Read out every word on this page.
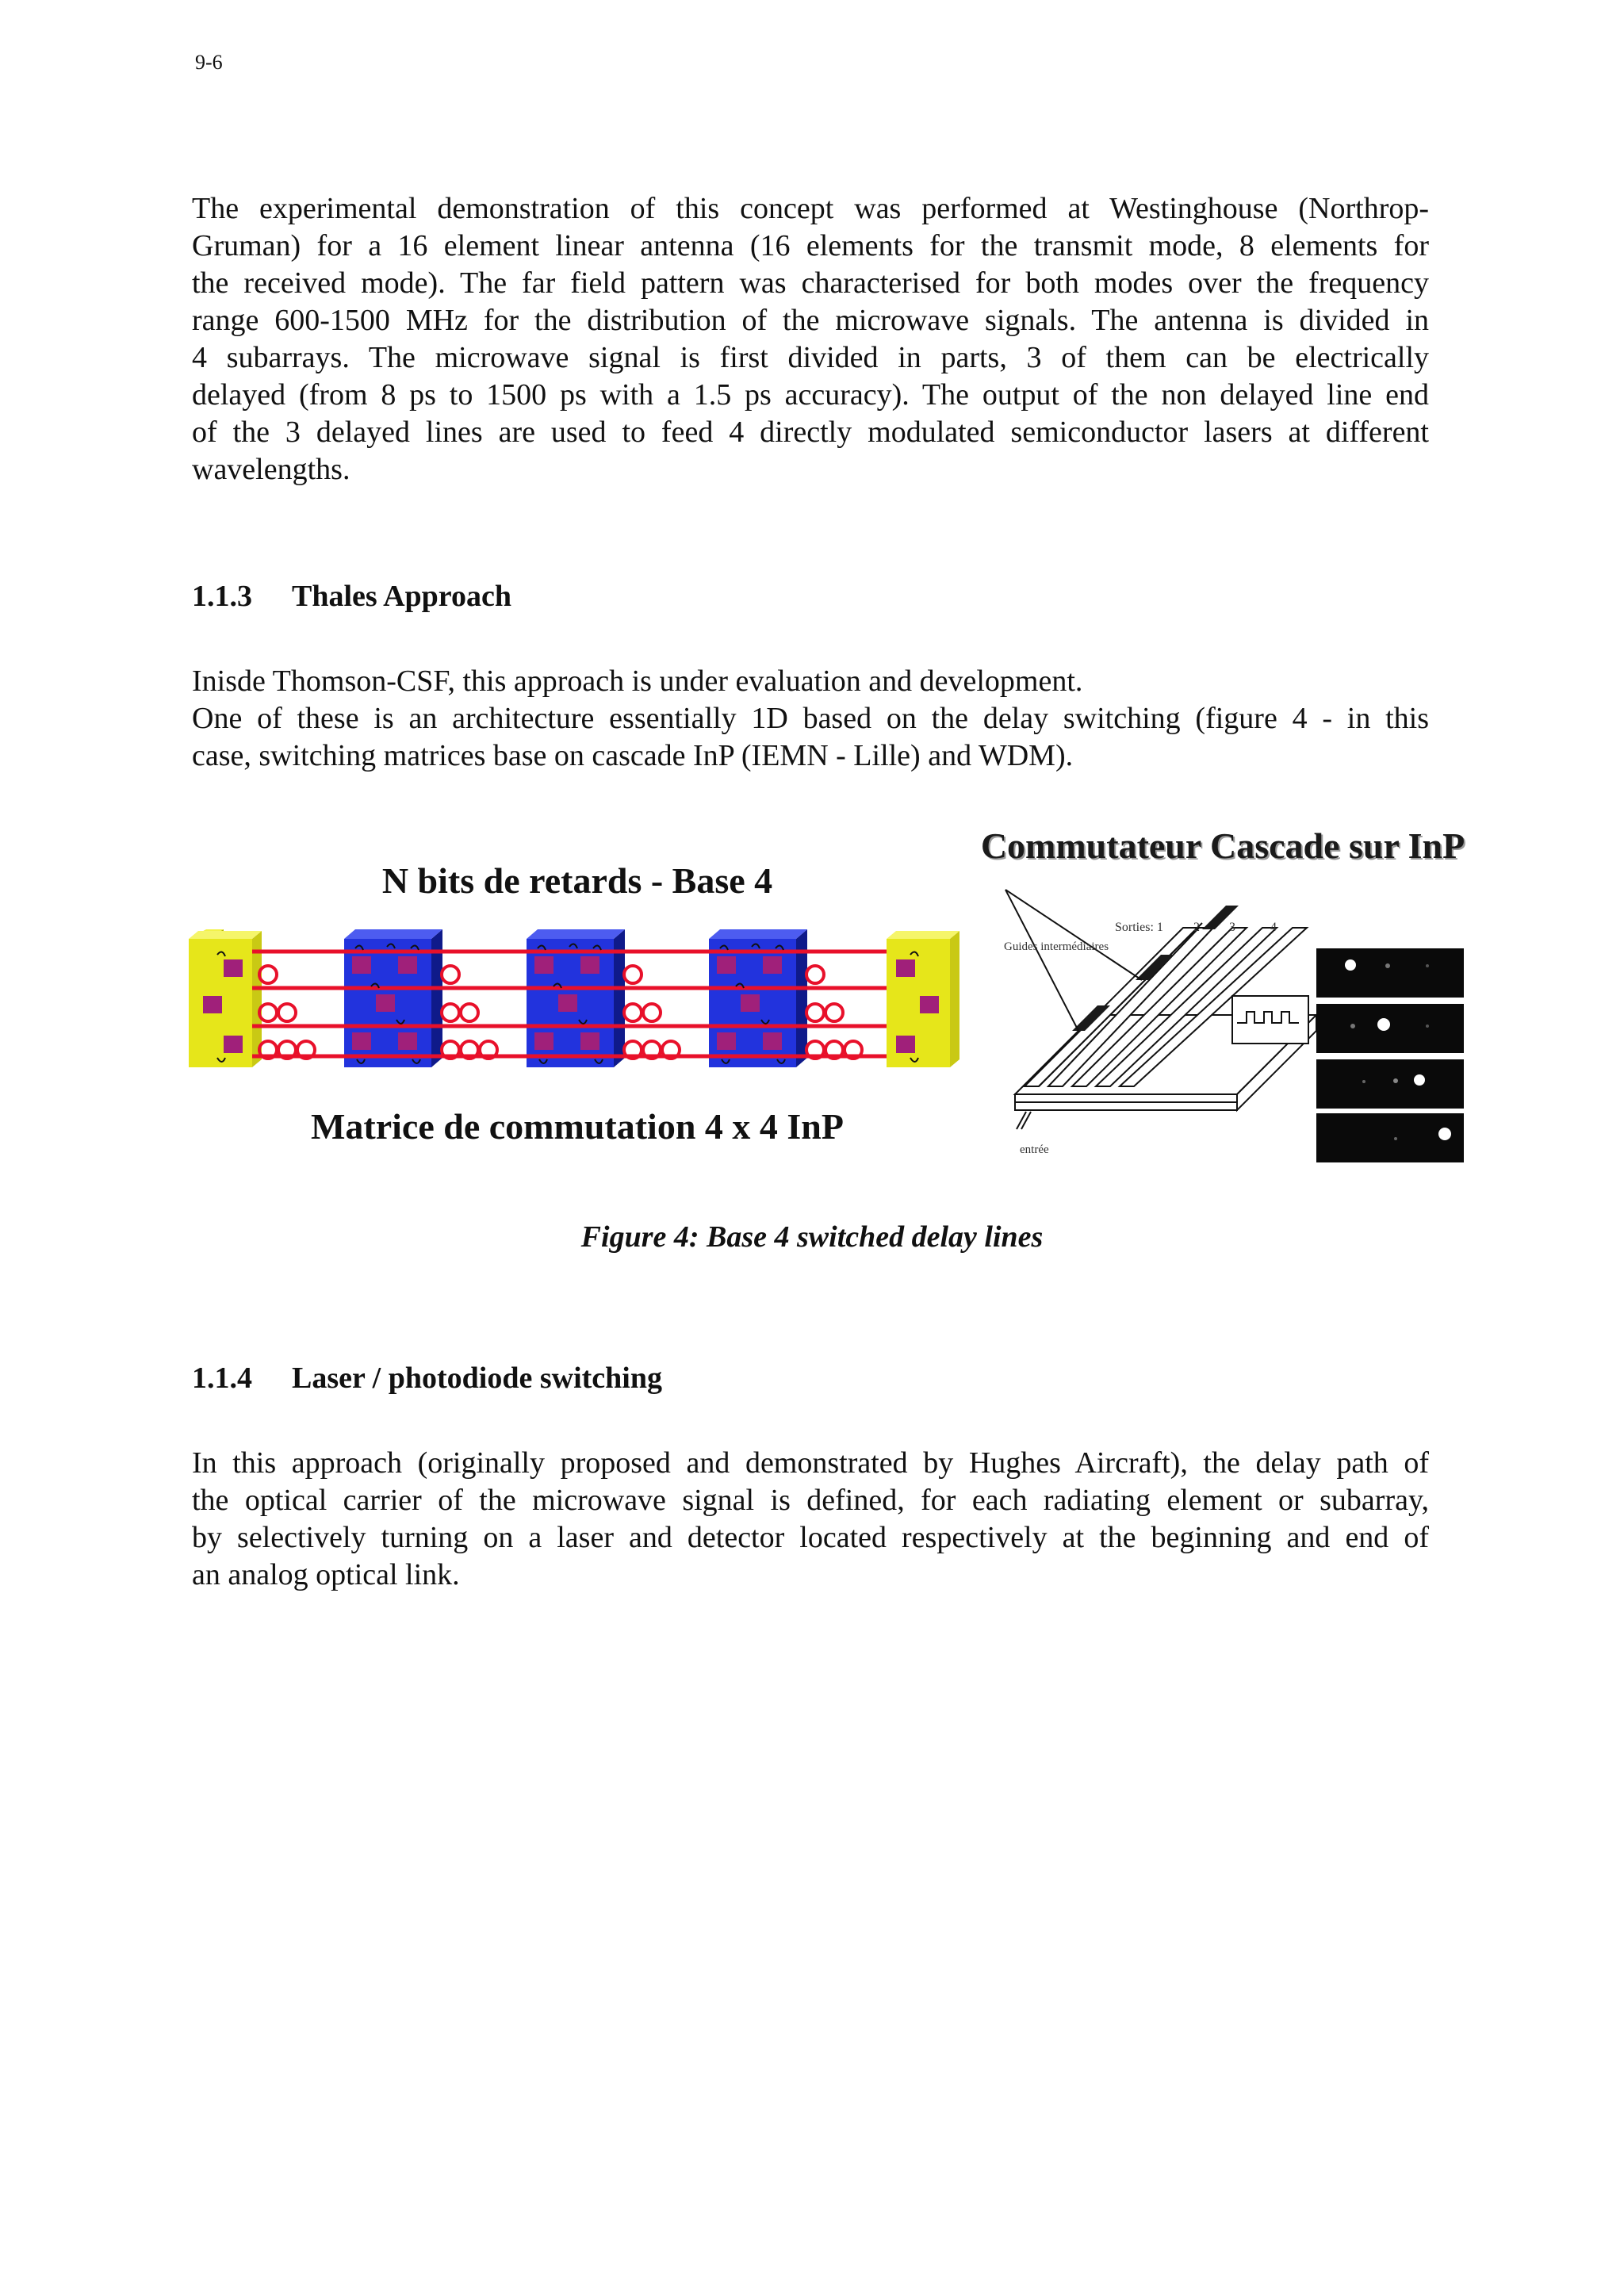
9-6

The experimental demonstration of this concept was performed at Westinghouse (Northrop-
Gruman) for a 16 element linear antenna (16 elements for the transmit mode, 8 elements for
the received mode). The far field pattern was characterised for both modes over the frequency
range 600-1500 MHz for the distribution of the microwave signals. The antenna is divided in
4 subarrays. The microwave signal is first divided in parts, 3 of them can be electrically
delayed (from 8 ps to 1500 ps with a 1.5 ps accuracy). The output of the non delayed line end
of the 3 delayed lines are used to feed 4 directly modulated semiconductor lasers at different
wavelengths.

1.1.3 Thales Approach

Inisde Thomson-CSF, this approach is under evaluation and development.
One of these is an architecture essentially 1D based on the delay switching (figure 4 - in this
case, switching matrices base on cascade InP (IEMN - Lille) and WDM).

N bits de retards - Base 4
Matrice de commutation 4 x 4 InP
Commutateur Cascade sur InP
Sorties: 1 2 3	4
Guides intermédiaires
entrée
Figure 4: Base 4 switched delay lines
1.1.4 Laser / photodiode switching

In this approach (originally proposed and demonstrated by Hughes Aircraft), the delay path of
the optical carrier of the microwave signal is defined, for each radiating element or subarray,
by selectively turning on a laser and detector located respectively at the beginning and end of
an analog optical link.
